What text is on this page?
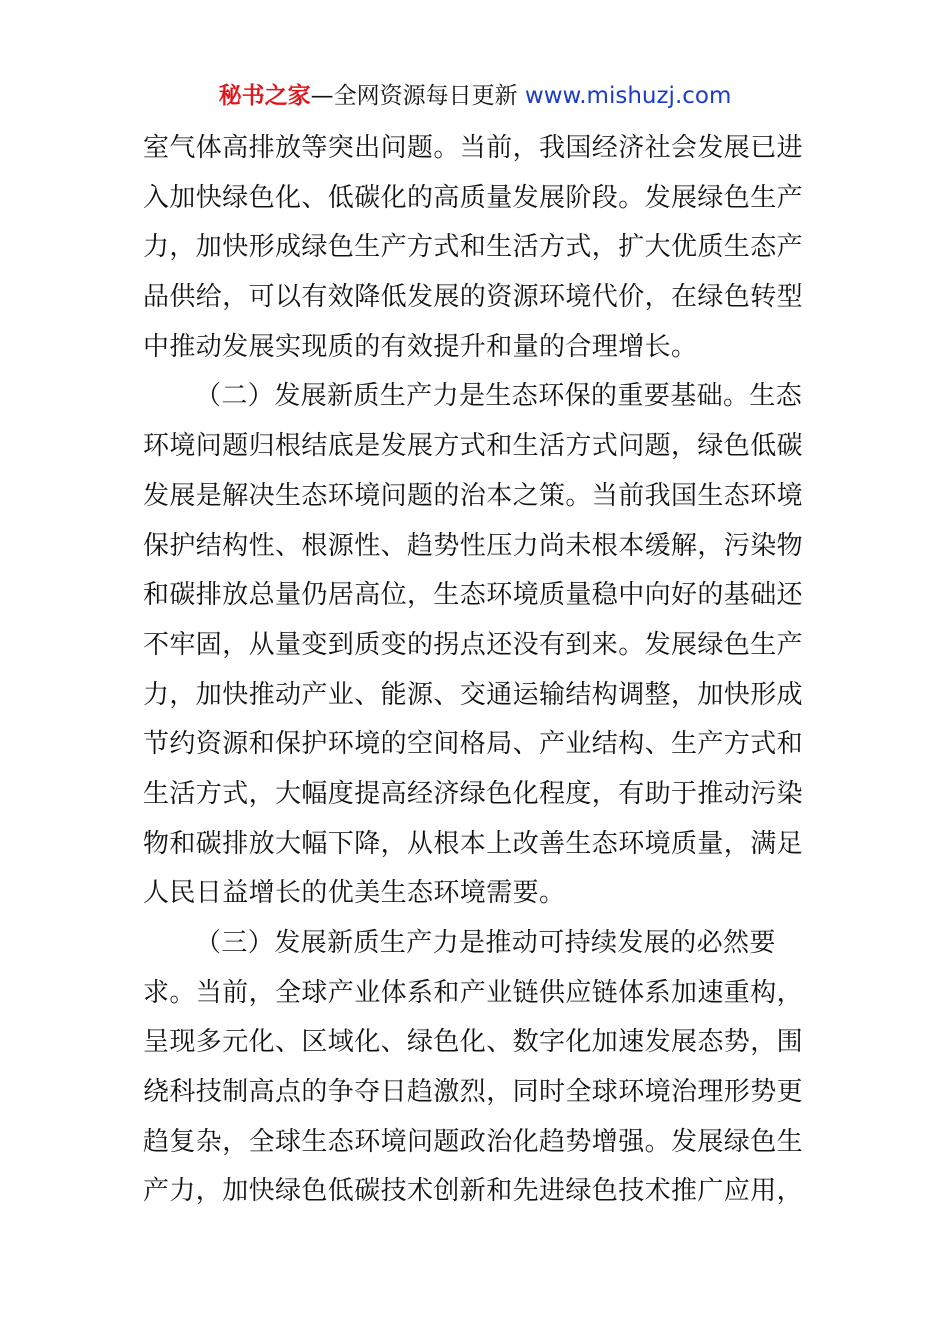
秘书之家—全网资源每日更新 www.mishuzj.com
室气体高排放等突出问题。当前，我国经济社会发展已进
入加快绿色化、低碳化的高质量发展阶段。发展绿色生产
力，加快形成绿色生产方式和生活方式，扩大优质生态产
品供给，可以有效降低发展的资源环境代价，在绿色转型
中推动发展实现质的有效提升和量的合理增长。
（二）发展新质生产力是生态环保的重要基础。生态
环境问题归根结底是发展方式和生活方式问题，绿色低碳
发展是解决生态环境问题的治本之策。当前我国生态环境
保护结构性、根源性、趋势性压力尚未根本缓解，污染物
和碳排放总量仍居高位，生态环境质量稳中向好的基础还
不牢固，从量变到质变的拐点还没有到来。发展绿色生产
力，加快推动产业、能源、交通运输结构调整，加快形成
节约资源和保护环境的空间格局、产业结构、生产方式和
生活方式，大幅度提高经济绿色化程度，有助于推动污染
物和碳排放大幅下降，从根本上改善生态环境质量，满足
人民日益增长的优美生态环境需要。
（三）发展新质生产力是推动可持续发展的必然要
求。当前，全球产业体系和产业链供应链体系加速重构，
呈现多元化、区域化、绿色化、数字化加速发展态势，围
绕科技制高点的争夺日趋激烈，同时全球环境治理形势更
趋复杂，全球生态环境问题政治化趋势增强。发展绿色生
产力，加快绿色低碳技术创新和先进绿色技术推广应用，
